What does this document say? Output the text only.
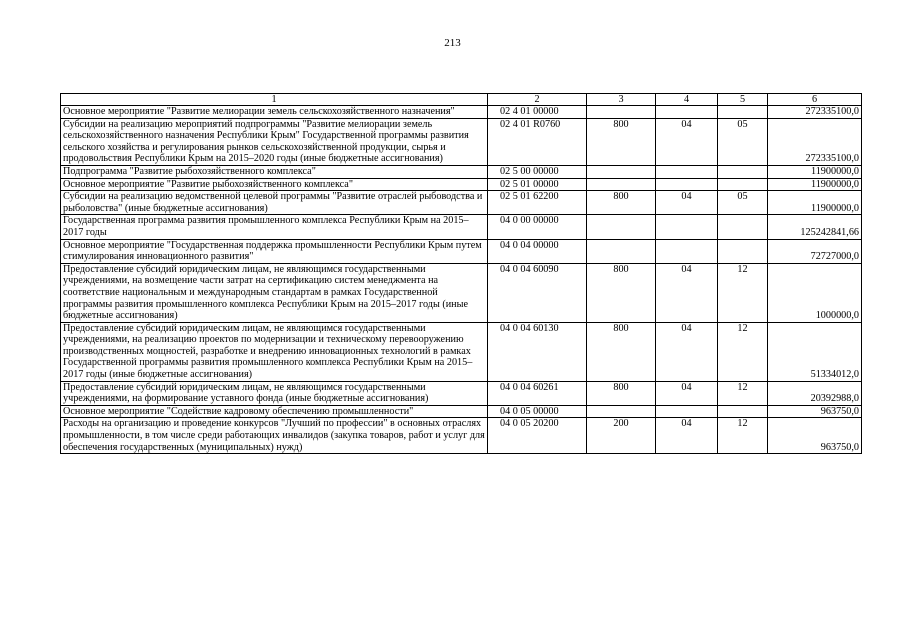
213
1	2	3	4	5	6
Основное мероприятие "Развитие мелиорации земель сельскохозяйственного назначения"	02 4 01 00000				272335100,0
Субсидии на реализацию мероприятий подпрограммы "Развитие мелиорации земель сельскохозяйственного назначения Республики Крым" Государственной программы развития сельского хозяйства и регулирования рынков сельскохозяйственной продукции, сырья и продовольствия Республики Крым на 2015–2020 годы (иные бюджетные ассигнования)	02 4 01 R0760	800	04	05	272335100,0
Подпрограмма "Развитие рыбохозяйственного комплекса"	02 5 00 00000				11900000,0
Основное мероприятие "Развитие рыбохозяйственного комплекса"	02 5 01 00000				11900000,0
Субсидии на реализацию ведомственной целевой программы "Развитие отраслей рыбоводства и рыболовства" (иные бюджетные ассигнования)	02 5 01 62200	800	04	05	11900000,0
Государственная программа развития промышленного комплекса Республики Крым на 2015–2017 годы	04 0 00 00000				125242841,66
Основное мероприятие "Государственная поддержка промышленности Республики Крым путем стимулирования инновационного развития"	04 0 04 00000				72727000,0
Предоставление субсидий юридическим лицам, не являющимся государственными учреждениями, на возмещение части затрат на сертификацию систем менеджмента на соответствие национальным и международным стандартам в рамках Государственной программы развития промышленного комплекса Республики Крым на 2015–2017 годы (иные бюджетные ассигнования)	04 0 04 60090	800	04	12	1000000,0
Предоставление субсидий юридическим лицам, не являющимся государственными учреждениями, на реализацию проектов по модернизации и техническому перевооружению производственных мощностей, разработке и внедрению инновационных технологий в рамках Государственной программы развития промышленного комплекса Республики Крым на 2015–2017 годы (иные бюджетные ассигнования)	04 0 04 60130	800	04	12	51334012,0
Предоставление субсидий юридическим лицам, не являющимся государственными учреждениями, на формирование уставного фонда (иные бюджетные ассигнования)	04 0 04 60261	800	04	12	20392988,0
Основное мероприятие "Содействие кадровому обеспечению промышленности"	04 0 05 00000				963750,0
Расходы на организацию и проведение конкурсов "Лучший по профессии" в основных отраслях промышленности, в том числе среди работающих инвалидов (закупка товаров, работ и услуг для обеспечения государственных (муниципальных) нужд)	04 0 05 20200	200	04	12	963750,0
